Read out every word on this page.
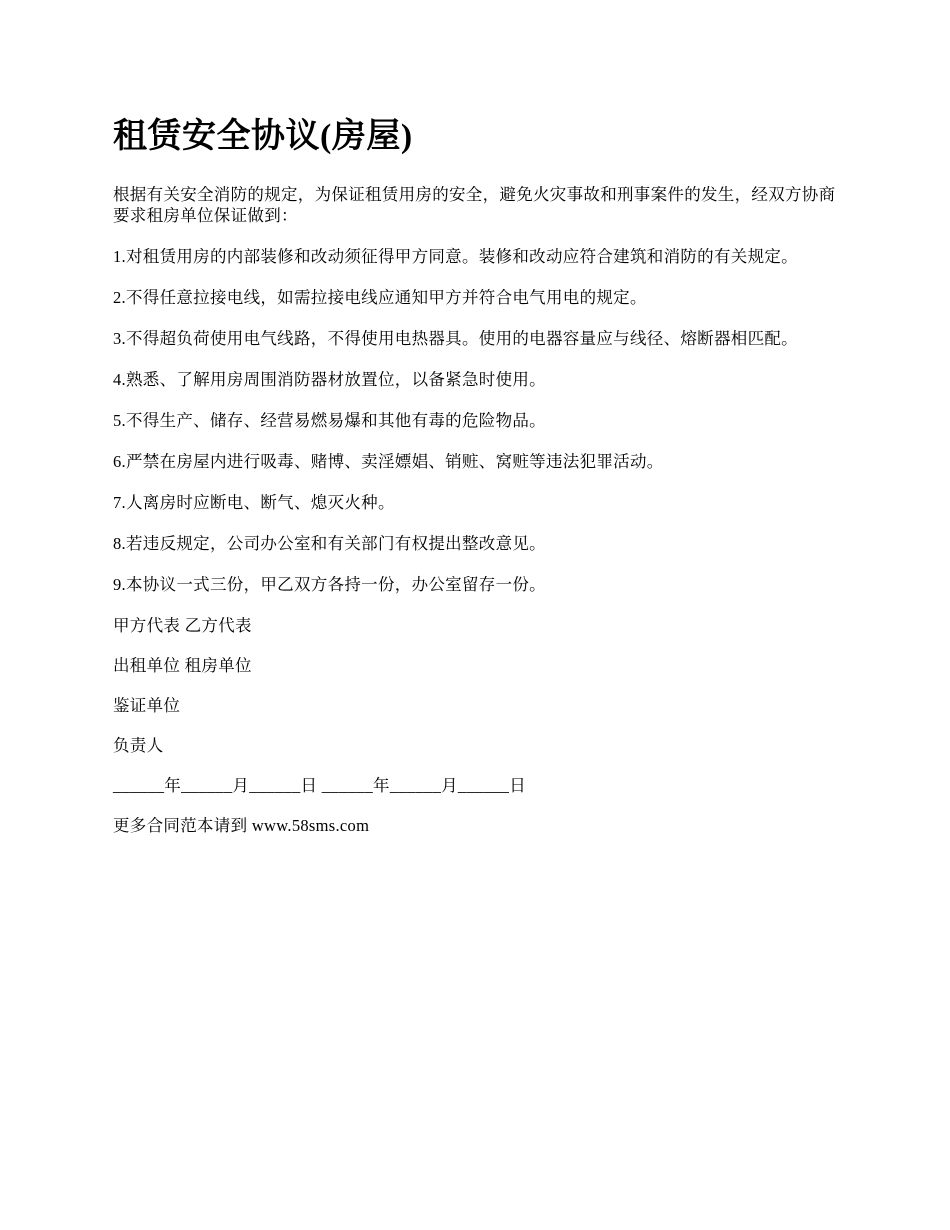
租赁安全协议(房屋)

根据有关安全消防的规定，为保证租赁用房的安全，避免火灾事故和刑事案件的发生，经双方协商要求租房单位保证做到：

1.对租赁用房的内部装修和改动须征得甲方同意。装修和改动应符合建筑和消防的有关规定。

2.不得任意拉接电线，如需拉接电线应通知甲方并符合电气用电的规定。

3.不得超负荷使用电气线路，不得使用电热器具。使用的电器容量应与线径、熔断器相匹配。

4.熟悉、了解用房周围消防器材放置位，以备紧急时使用。

5.不得生产、储存、经营易燃易爆和其他有毒的危险物品。

6.严禁在房屋内进行吸毒、赌博、卖淫嫖娼、销赃、窝赃等违法犯罪活动。

7.人离房时应断电、断气、熄灭火种。

8.若违反规定，公司办公室和有关部门有权提出整改意见。

9.本协议一式三份，甲乙双方各持一份，办公室留存一份。

甲方代表 乙方代表

出租单位 租房单位

鉴证单位

负责人

______年______月______日 ______年______月______日

更多合同范本请到 www.58sms.com
